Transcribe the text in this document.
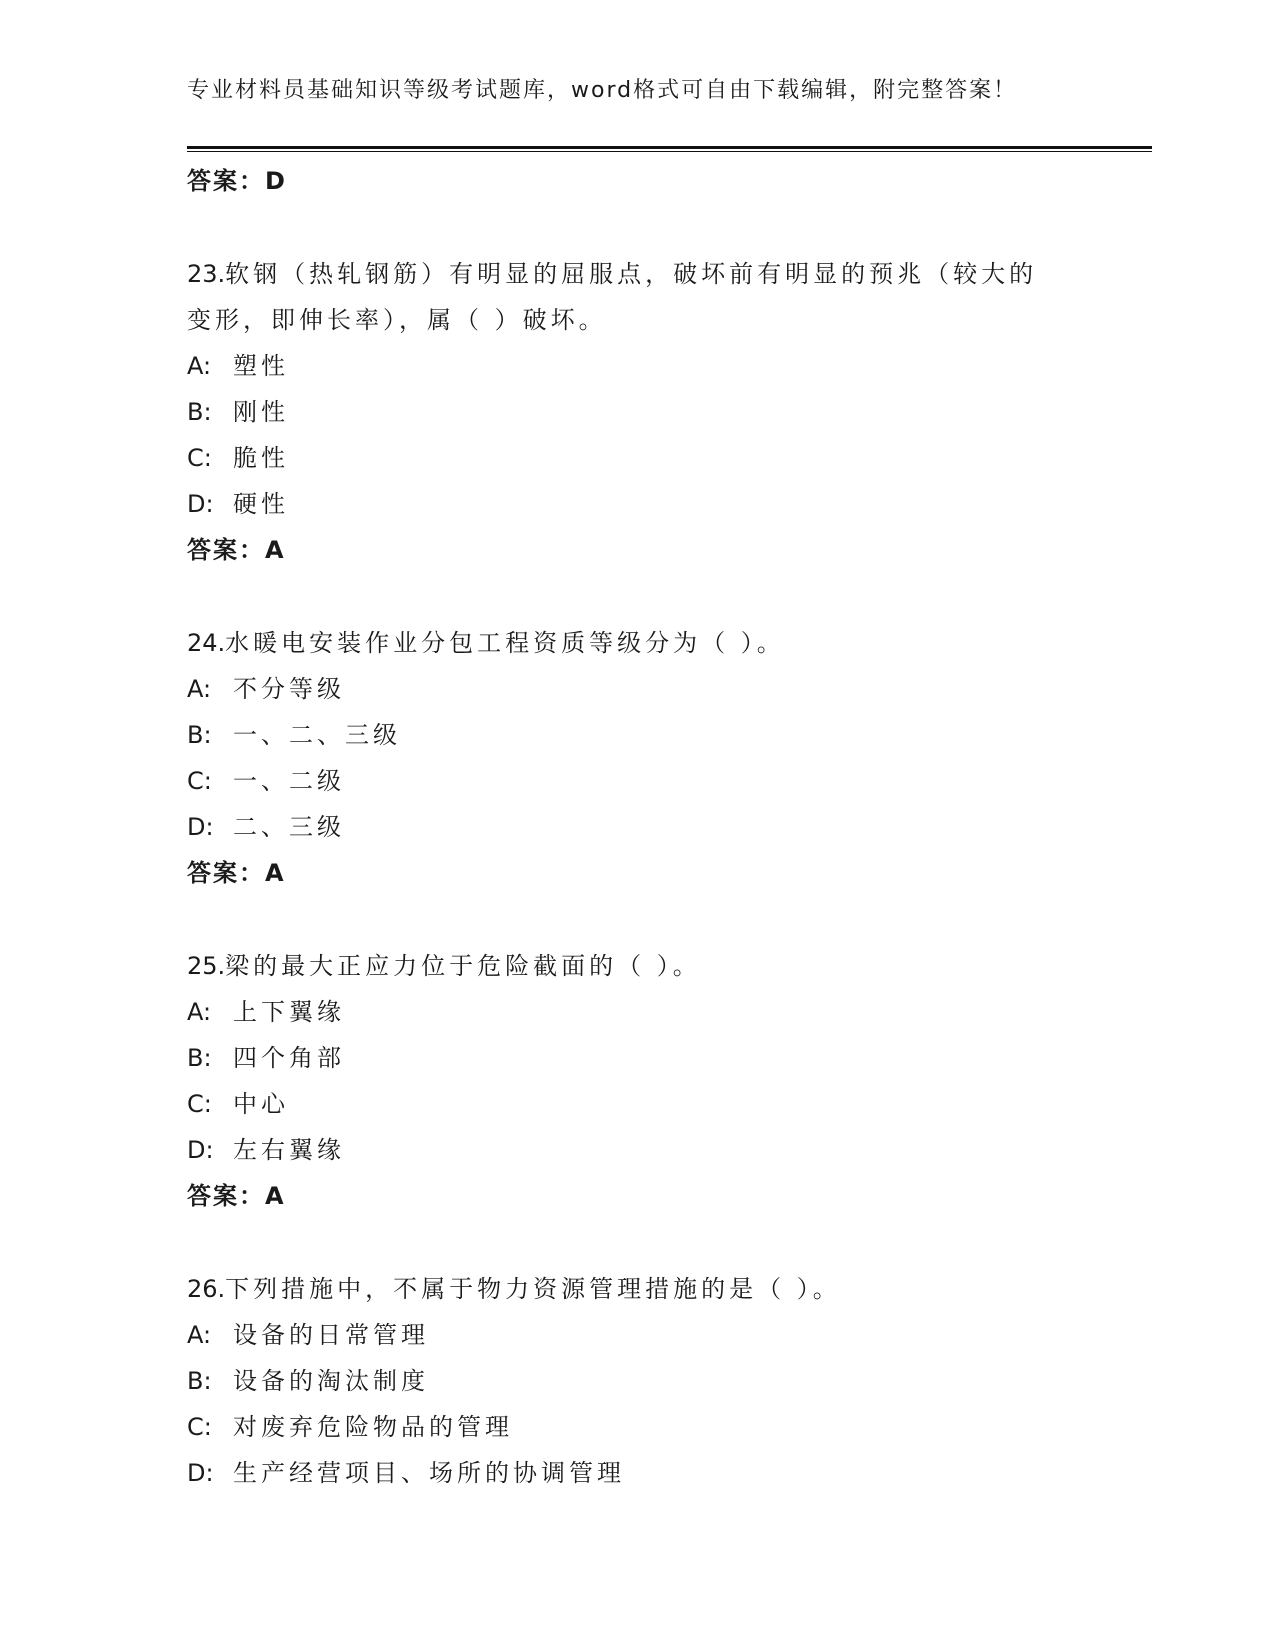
专业材料员基础知识等级考试题库，word格式可自由下载编辑，附完整答案！
答案：D
23.软钢（热轧钢筋）有明显的屈服点，破坏前有明显的预兆（较大的
变形，即伸长率），属（ ）破坏。
A: 塑性
B: 刚性
C: 脆性
D: 硬性
答案：A
24.水暖电安装作业分包工程资质等级分为（ ）。
A: 不分等级
B: 一、二、三级
C: 一、二级
D: 二、三级
答案：A
25.梁的最大正应力位于危险截面的（ ）。
A: 上下翼缘
B: 四个角部
C: 中心
D: 左右翼缘
答案：A
26.下列措施中，不属于物力资源管理措施的是（ ）。
A: 设备的日常管理
B: 设备的淘汰制度
C: 对废弃危险物品的管理
D: 生产经营项目、场所的协调管理
